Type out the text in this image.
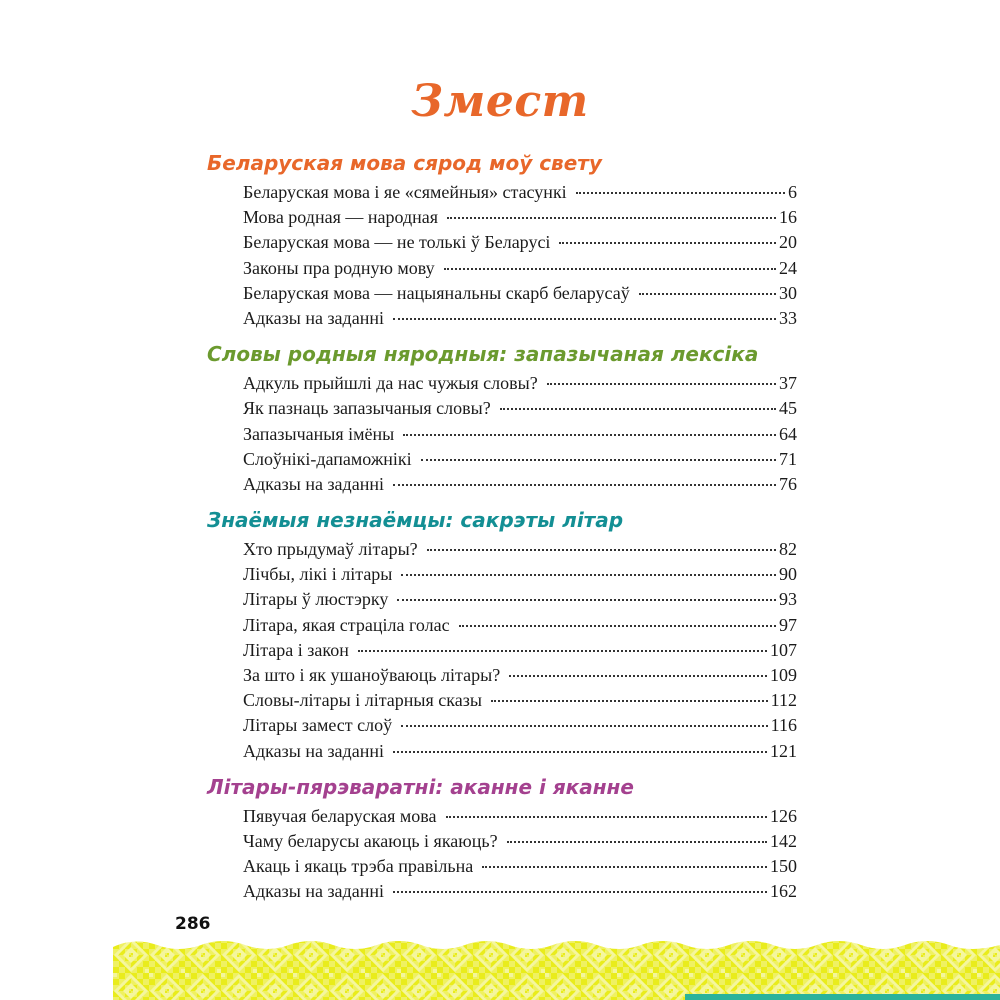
Змест
Беларуская мова сярод моў свету
Беларуская мова і яе «сямейныя» стасункі	6
Мова родная — народная	16
Беларуская мова — не толькі ў Беларусі	20
Законы пра родную мову	24
Беларуская мова — нацыянальны скарб беларусаў	30
Адказы на заданні	33
Словы родныя няродныя: запазычаная лексіка
Адкуль прыйшлі да нас чужыя словы?	37
Як пазнаць запазычаныя словы?	45
Запазычаныя імёны	64
Слоўнікі-дапаможнікі	71
Адказы на заданні	76
Знаёмыя незнаёмцы: сакрэты літар
Хто прыдумаў літары?	82
Лічбы, лікі і літары	90
Літары ў люстэрку	93
Літара, якая страціла голас	97
Літара і закон	107
За што і як ушаноўваюць літары?	109
Словы-літары і літарныя сказы	112
Літары замест слоў	116
Адказы на заданні	121
Літары-пярэваратні: аканне і яканне
Пявучая беларуская мова	126
Чаму беларусы акаюць і якаюць?	142
Акаць і якаць трэба правільна	150
Адказы на заданні	162
286
